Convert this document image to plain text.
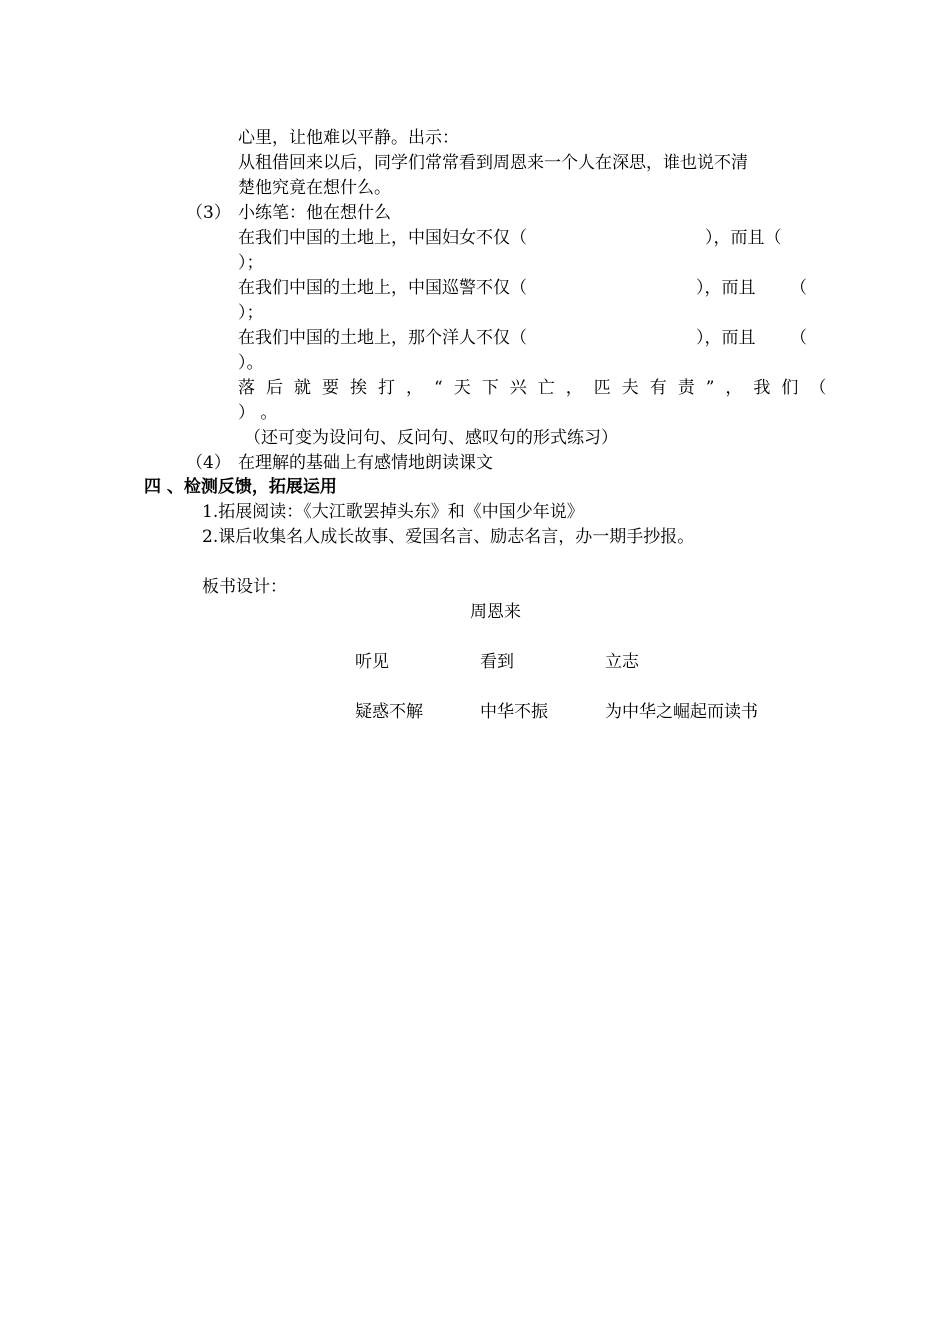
心里，让他难以平静。出示：
从租借回来以后，同学们常常看到周恩来一个人在深思，谁也说不清
楚他究竟在想什么。
（3） 小练笔：他在想什么
在我们中国的土地上，中国妇女不仅（	），而且（
）；
在我们中国的土地上，中国巡警不仅（	），而且 （
）；
在我们中国的土地上，那个洋人不仅（	），而且 （
）。
落后就要挨打，“天下兴亡，匹夫有责”，我们（
） 。
（还可变为设问句、反问句、感叹句的形式练习）
（4） 在理解的基础上有感情地朗读课文
四 、检测反馈，拓展运用
1.拓展阅读：《大江歌罢掉头东》和《中国少年说》
2.课后收集名人成长故事、爱国名言、励志名言，办一期手抄报。
板书设计：
周恩来
听见	看到	立志
疑惑不解	中华不振	为中华之崛起而读书
